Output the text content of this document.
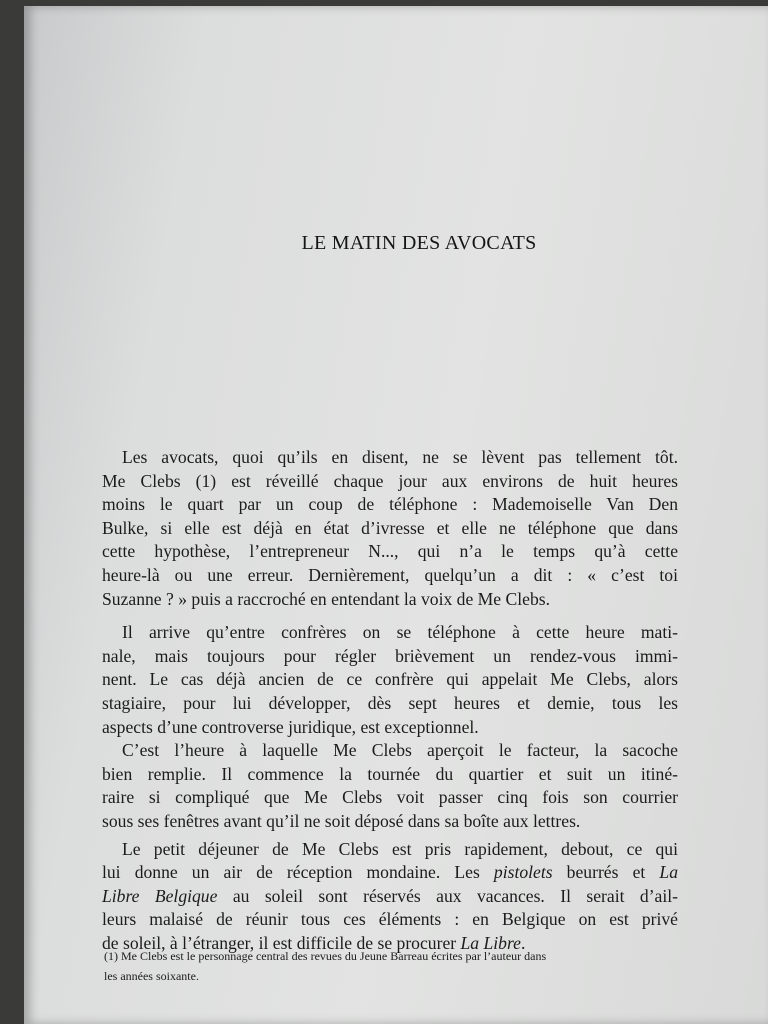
LE MATIN DES AVOCATS

Les avocats, quoi qu’ils en disent, ne se lèvent pas tellement tôt.

Me Clebs (1) est réveillé chaque jour aux environs de huit heures
moins le quart par un coup de téléphone : Mademoiselle Van Den
Bulke, si elle est déjà en état d’ivresse et elle ne téléphone que dans
cette hypothèse, l’entrepreneur N..., qui n’a le temps qu’à cette
heure-là ou une erreur. Dernièrement, quelqu’un a dit : « c’est toi

Suzanne ? » puis a raccroché en entendant la voix de Me Clebs.

Il arrive qu’entre confrères on se téléphone à cette heure mati-

nale, mais toujours pour régler brièvement un rendez-vous immi-
nent. Le cas déjà ancien de ce confrère qui appelait Me Clebs, alors
stagiaire, pour lui développer, dès sept heures et demie, tous les

aspects d’une controverse juridique, est exceptionnel.

C’est l’heure à laquelle Me Clebs aperçoit le facteur, la sacoche

bien remplie. Il commence la tournée du quartier et suit un itiné-
raire si compliqué que Me Clebs voit passer cinq fois son courrier

sous ses fenêtres avant qu’il ne soit déposé dans sa boîte aux lettres.

Le petit déjeuner de Me Clebs est pris rapidement, debout, ce qui

lui donne un air de réception mondaine. Les pistolets beurrés et La
Libre Belgique au soleil sont réservés aux vacances. Il serait d’ail-
leurs malaisé de réunir tous ces éléments : en Belgique on est privé

de soleil, à l’étranger, il est difficile de se procurer La Libre.

(1) Me Clebs est le personnage central des revues du Jeune Barreau écrites par l’auteur dans
les années soixante.
